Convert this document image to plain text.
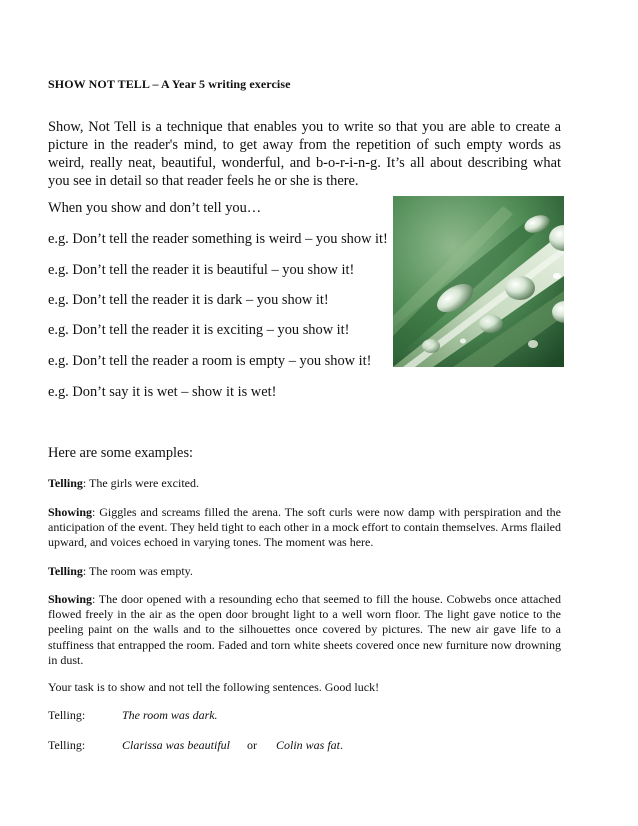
SHOW NOT TELL – A Year 5 writing exercise
Show, Not Tell is a technique that enables you to write so that you are able to create a picture in the reader's mind, to get away from the repetition of such empty words as weird, really neat, beautiful, wonderful, and b-o-r-i-n-g. It’s all about describing what you see in detail so that reader feels he or she is there.
When you show and don’t tell you…
e.g. Don’t tell the reader something is weird – you show it!
e.g. Don’t tell the reader it is beautiful – you show it!
e.g. Don’t tell the reader it is dark – you show it!
e.g. Don’t tell the reader it is exciting – you show it!
e.g. Don’t tell the reader a room is empty – you show it!
e.g. Don’t say it is wet – show it is wet!
Here are some examples:
Telling: The girls were excited.
Showing: Giggles and screams filled the arena. The soft curls were now damp with perspiration and the anticipation of the event. They held tight to each other in a mock effort to contain themselves. Arms flailed upward, and voices echoed in varying tones. The moment was here.
Telling: The room was empty.
Showing: The door opened with a resounding echo that seemed to fill the house. Cobwebs once attached flowed freely in the air as the open door brought light to a well worn floor. The light gave notice to the peeling paint on the walls and to the silhouettes once covered by pictures. The new air gave life to a stuffiness that entrapped the room. Faded and torn white sheets covered once new furniture now drowning in dust.
Your task is to show and not tell the following sentences. Good luck!
Telling:	The room was dark.
Telling:	Clarissa was beautiful or Colin was fat.
